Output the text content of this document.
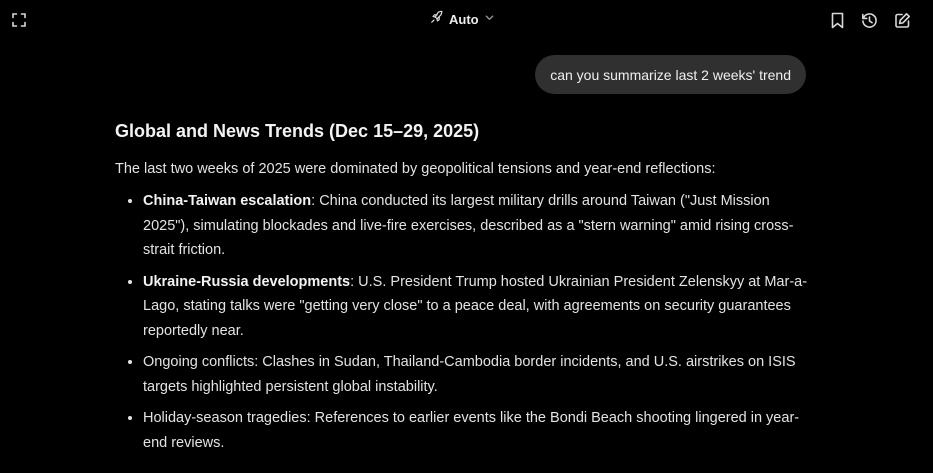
Auto
can you summarize last 2 weeks' trend
Global and News Trends (Dec 15–29, 2025)

The last two weeks of 2025 were dominated by geopolitical tensions and year-end reflections:

• China-Taiwan escalation: China conducted its largest military drills around Taiwan ("Just Mission 2025"), simulating blockades and live-fire exercises, described as a "stern warning" amid rising cross-strait friction.
• Ukraine-Russia developments: U.S. President Trump hosted Ukrainian President Zelenskyy at Mar-a-Lago, stating talks were "getting very close" to a peace deal, with agreements on security guarantees reportedly near.
• Ongoing conflicts: Clashes in Sudan, Thailand-Cambodia border incidents, and U.S. airstrikes on ISIS targets highlighted persistent global instability.
• Holiday-season tragedies: References to earlier events like the Bondi Beach shooting lingered in year-end reviews.
